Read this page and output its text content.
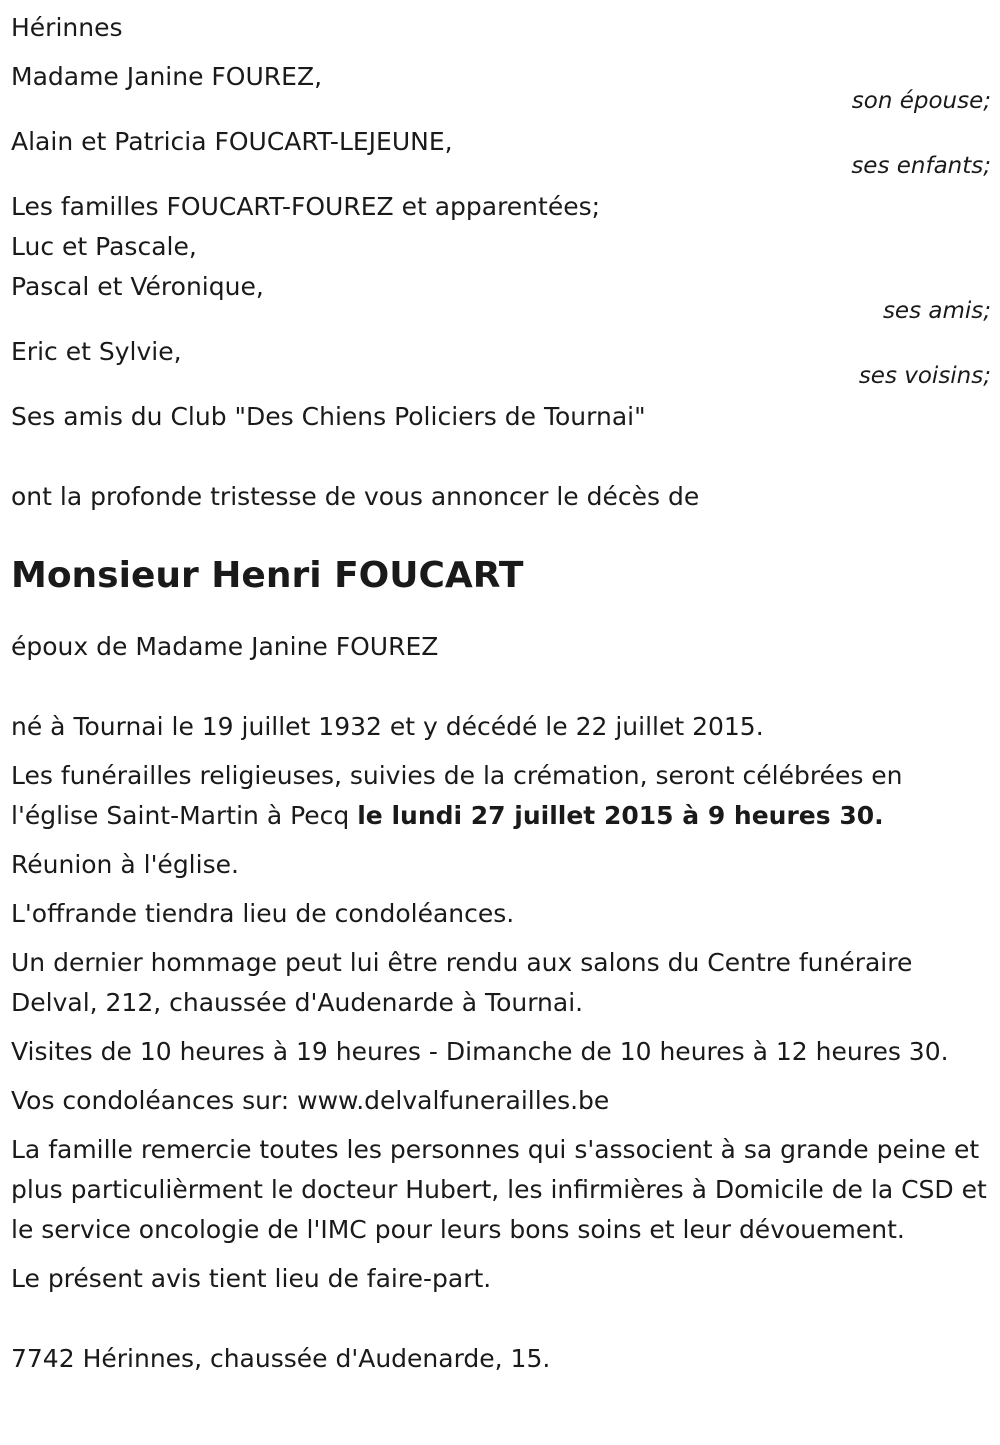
Hérinnes
Madame Janine FOUREZ,
son épouse;
Alain et Patricia FOUCART-LEJEUNE,
ses enfants;
Les familles FOUCART-FOUREZ et apparentées;
Luc et Pascale,
Pascal et Véronique,
ses amis;
Eric et Sylvie,
ses voisins;
Ses amis du Club "Des Chiens Policiers de Tournai"
ont la profonde tristesse de vous annoncer le décès de
Monsieur Henri FOUCART
époux de Madame Janine FOUREZ
né à Tournai le 19 juillet 1932 et y décédé le 22 juillet 2015.
Les funérailles religieuses, suivies de la crémation, seront célébrées en l'église Saint-Martin à Pecq le lundi 27 juillet 2015 à 9 heures 30.
Réunion à l'église.
L'offrande tiendra lieu de condoléances.
Un dernier hommage peut lui être rendu aux salons du Centre funéraire Delval, 212, chaussée d'Audenarde à Tournai.
Visites de 10 heures à 19 heures - Dimanche de 10 heures à 12 heures 30.
Vos condoléances sur: www.delvalfunerailles.be
La famille remercie toutes les personnes qui s'associent à sa grande peine et plus particulièrment le docteur Hubert, les infirmières à Domicile de la CSD et le service oncologie de l'IMC pour leurs bons soins et leur dévouement.
Le présent avis tient lieu de faire-part.
7742 Hérinnes, chaussée d'Audenarde, 15.
